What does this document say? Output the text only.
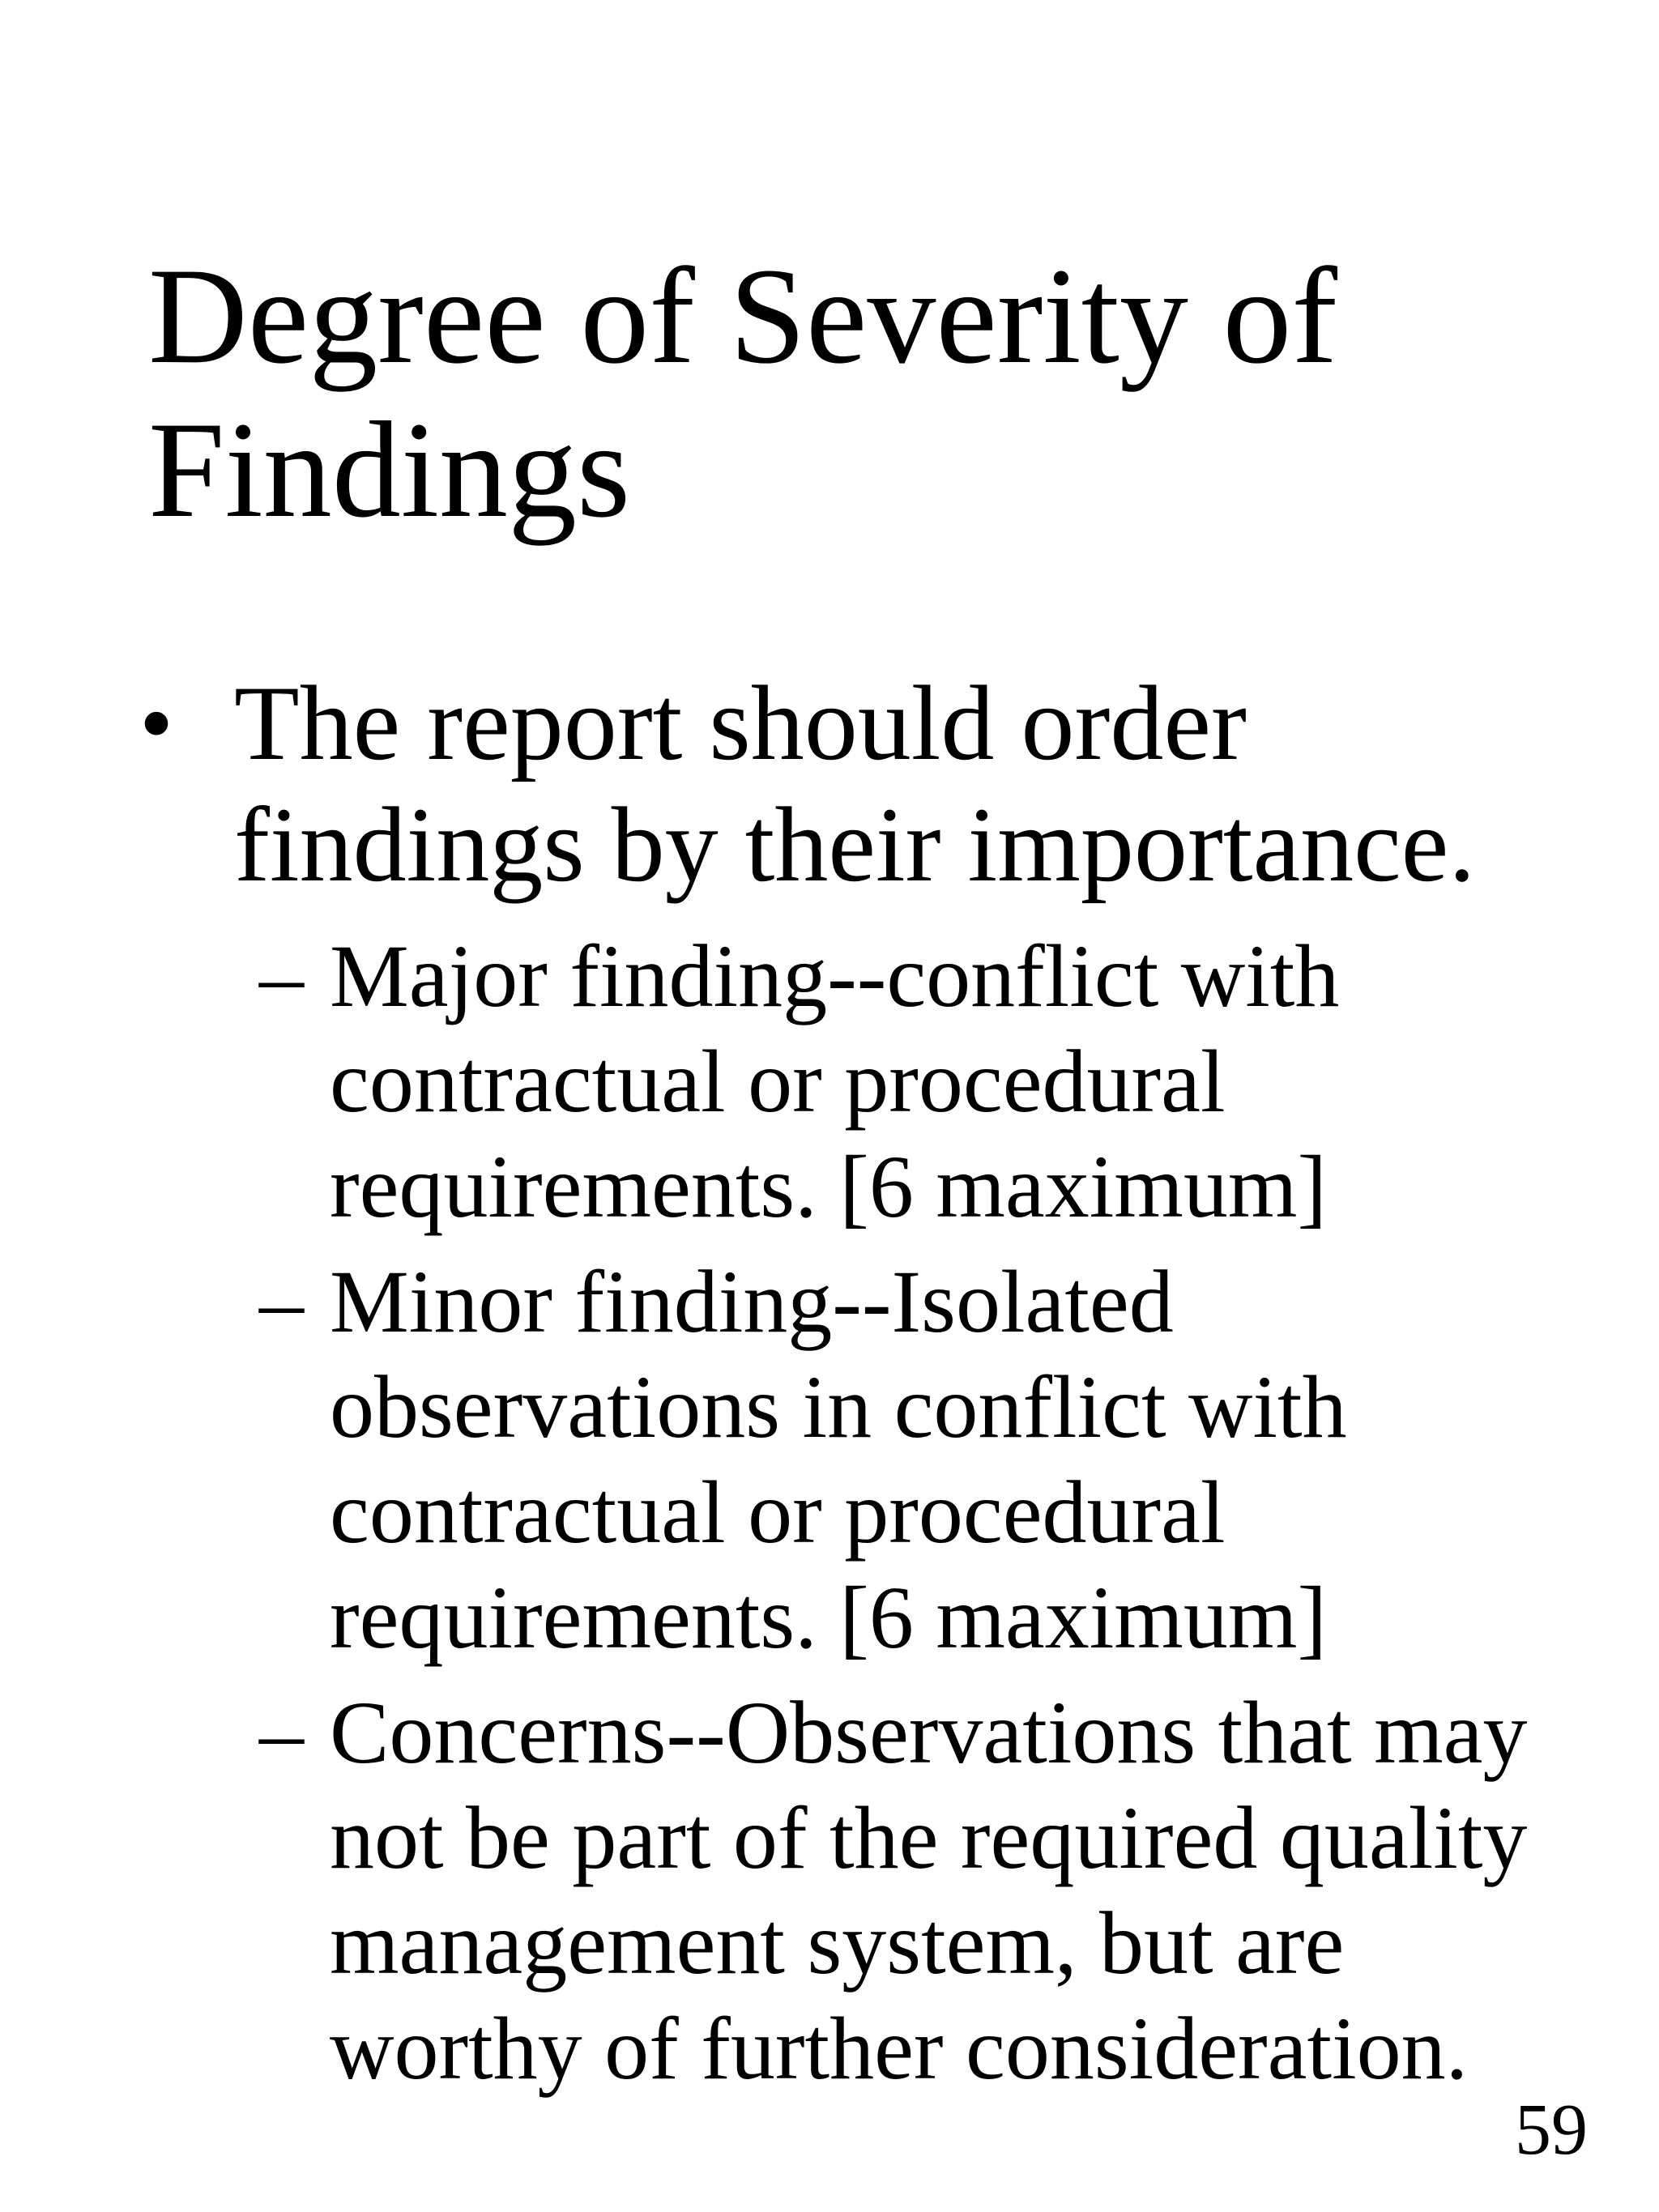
Degree of Severity of Findings
• The report should order findings by their importance.
– Major finding--conflict with contractual or procedural requirements. [6 maximum]
– Minor finding--Isolated observations in conflict with contractual or procedural requirements. [6 maximum]
– Concerns--Observations that may not be part of the required quality management system, but are worthy of further consideration.
59
